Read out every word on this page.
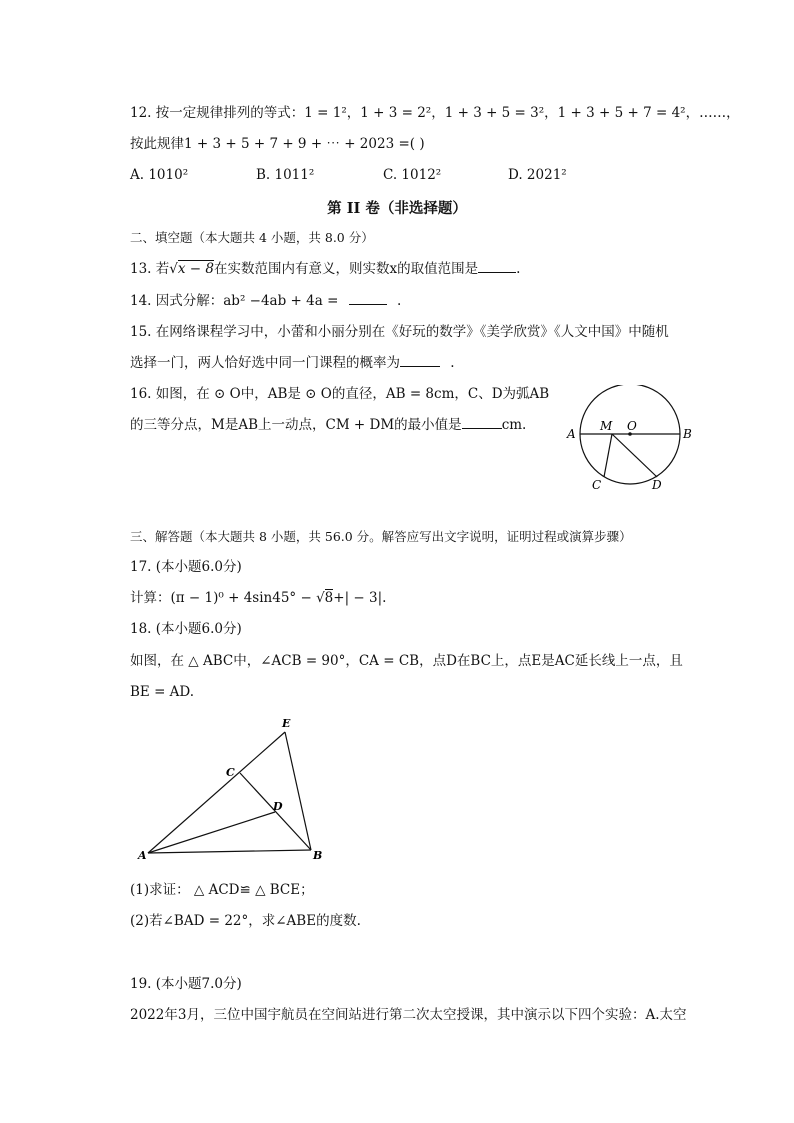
12. 按一定规律排列的等式：1 = 1²，1 + 3 = 2²，1 + 3 + 5 = 3²，1 + 3 + 5 + 7 = 4²，……，
按此规律1 + 3 + 5 + 7 + 9 + ⋯ + 2023 =( )
A. 1010²	B. 1011²	C. 1012²	D. 2021²
第 II 卷（非选择题）
二、填空题（本大题共 4 小题，共 8.0 分）
13. 若√x − 8在实数范围内有意义，则实数x的取值范围是	.
14. 因式分解：ab² −4ab + 4a =	.
15. 在网络课程学习中，小蕾和小丽分别在《好玩的数学》《美学欣赏》《人文中国》中随机
选择一门，两人恰好选中同一门课程的概率为	.
16. 如图，在 ⊙ O中，AB是 ⊙ O的直径，AB = 8cm，C、D为弧AB
的三等分点，M是AB上一动点，CM + DM的最小值是	cm.
A
M O
B
C	D
三、解答题（本大题共 8 小题，共 56.0 分。解答应写出文字说明，证明过程或演算步骤）
17. (本小题6.0分)
计算：(π − 1)⁰ + 4sin45° − √8+| − 3|.
18. (本小题6.0分)
如图，在 △ ABC中，∠ACB = 90°，CA = CB，点D在BC上，点E是AC延长线上一点，且
BE = AD.
E
C
D
A	B
(1)求证： △ ACD≌ △ BCE；
(2)若∠BAD = 22°，求∠ABE的度数.
19. (本小题7.0分)
2022年3月，三位中国宇航员在空间站进行第二次太空授课，其中演示以下四个实验：A.太空
